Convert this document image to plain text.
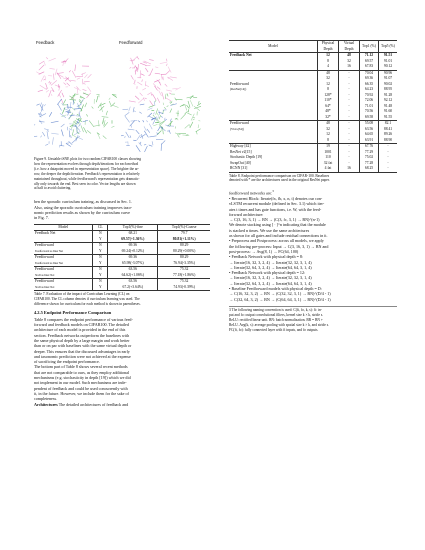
Feedback	Feedforward
Figure 9. Unstable tSNE plots for two random CIFAR100 classes showing
how the representation evolves through depth/iterations for each method
(i.e. how a datapoint moved in representation space). The brighter the ar-
row, the deeper the depth/iteration. Feedback's representation is relatively
maintained throughout, while feedforward's representation gets dramatic-
ally only towards the end. Best seen in color. Vector lengths are shown
at half to avoid cluttering.
ben the sporadic curriculum training, as discussed in Sec. 1.
Also, using the sporadic curriculum training improves taxo-
nomic prediction results as shown by the curriculum curve
in Fig. 7.
Model	CL	Top1(%)-fine	Top1(%)-Coarse
Feedback Net	N	68.21	79.7
	Y	69.57(+1.36%)	80.81(+1.11%)
Feedforward	N	69.36	80.29
Feedforward as Inter Net	Y	69.24(+0.12%)	80.29(+0.00%)
Feedforward	N	69.36	80.29
Feedforward as Inter Net	Y	65.98(-3.07%)	76.94(-3.35%)
Feedforward	N	63.56	75.32
SGD as Inter Net	Y	64.62(+1.06%)	77.18(+1.86%)
Feedforward	N	63.56	75.32
SGD as Inter Net	Y	67.2(+3.64%)	74.93(-0.39%)
Table 7. Evaluation of the impact of Curriculum Learning (CL) on
CIFAR100. The CL column denotes if curriculum learning was used. The
difference shown for curriculum for each method is shown in parentheses.
4.2.5 Endpoint Performance Comparison
Table 8 compares the endpoint performance of various feed-
forward and feedback models on CIFAR100. The detailed
architecture of each model is provided in the end of this
section. Feedback networks outperform the baselines with
the same physical depth by a large margin and work better
than or on par with baselines with the same virtual depth or
deeper. This ensures that the discussed advantages in early
and taxonomic prediction were not achieved at the expense
of sacrificing the endpoint performance.
The bottom part of Table 8 shows several recent methods
that are not comparable to ours, as they employ additional
mechanisms (e.g. stochasticity in depth [19]) which we did
not implement in our model. Such mechanisms are inde-
pendent of feedback and could be used concurrently with
it, in the future. However, we include them for the sake of
completeness.
Architectures The detailed architectures of feedback and
Model	Physical Depth	Virtual Depth	Top1 (%)	Top5 (%)
Feedback Net	12	48	71.12	91.51
	8	32	69.57	91.01
	4	16	67.83	90.12
	48	-	70.04	90.96
	32	-	69.36	91.07
Feedforward	12	-	66.35	90.02
(ResNet[14])	8	-	64.23	88.95
	128*	-	70.92	91.28
	110*	-	72.06	92.12
	64*	-	71.01	91.48
	48*	-	70.56	91.60
	32*	-	69.58	91.55
Feedforward	48	-	55.08	82.1
(VGG[34])	32	-	63.56	88.41
	12	-	64.65	89.26
	8	-	63.91	88.90
Highway [42]	19	-	67.76	-
ResNet v2[15]	1001	-	77.29	-
Stochastic Depth [19]	110	-	75.02	-
SwapOut [40]	32 fat	-	77.28	-
RCNN [31]	4 fat	16	68.25	-
Table 8. Endpoint performance comparison on CIFAR-100. Baselines
denoted with * are the architectures used in the original ResNet paper.
feedforward networks are:$^3$
• Recurrent Block: Iterate(fx, fb, x, n, t) denotes our con-
vLSTM recurrent module (defined in Sec. 3.1) which iter-
ates t times and has gate functions, i.e. W, with the feed-
forward architecture:
→ C(3, 16, 3, 1) → BN → (C(3, fc, 3, 1) → BN)^(n-1)
We denote stacking using [ · ]^n indicating that the module
is stacked n times. We use the same architectures
as shown for all gates and include residual connections in it.
• Preprocess and Postprocess: across all models, we apply
the following pre-process: Input → C(3, 16, 3, 1) → BN and
post-process: → Avg(8, 1) → FC(64, 100)
• Feedback Network with physical depth = 8:
→ Iterate(16, 32, 3, 2, 4) → Iterate(32, 32, 3, 1, 4)
→ Iterate(32, 64, 3, 2, 4) → Iterate(64, 64, 3, 1, 4)
• Feedback Network with physical depth = 12:
→ Iterate(16, 32, 3, 2, 4) → Iterate(32, 32, 3, 1, 4)
→ Iterate(32, 64, 3, 2, 4) → Iterate(64, 64, 3, 1, 4)
• Baseline Feedforward models with physical depth = D:
→ C(16, 32, 3, 2) → BN → (C(32, 32, 3, 1) → BN)^(D/4 - 1)
→ C(32, 64, 3, 2) → BN → (C(64, 64, 3, 1) → BN)^(D/4 - 1)
3 The following naming convention is used: C(fi, fo, k, s): fi: in-
put and fo: output convolutional filters, kernel size k × k, stride s.
ReLU: rectified linear unit. BN: batch normalization. BR = BN +
ReLU. Avg(k, s): average pooling with spatial size k × k, and stride s.
FC(fi, fo): fully connected layer with fi inputs, and fo outputs.
